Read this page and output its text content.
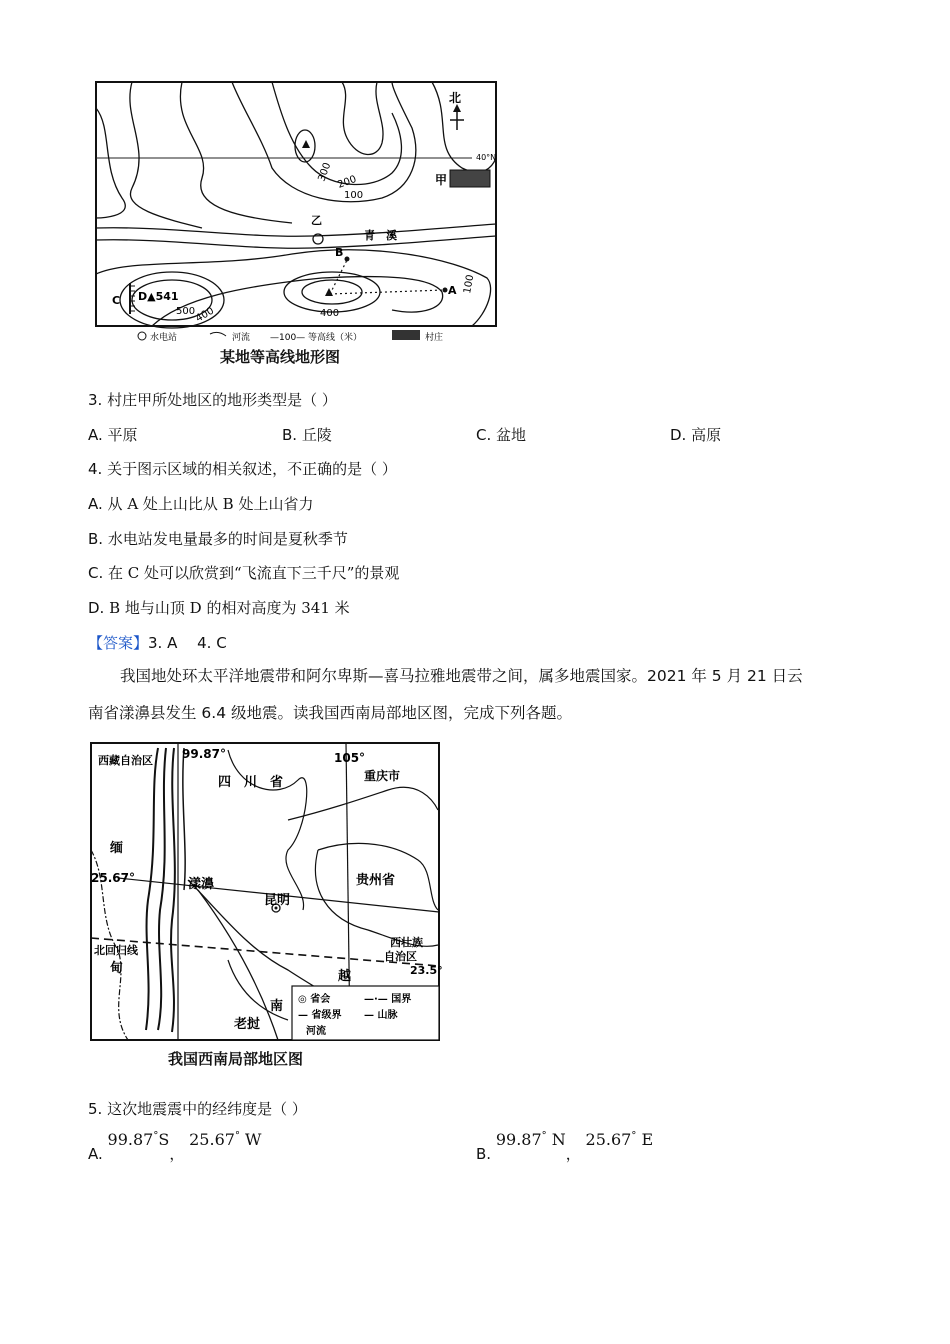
北
40°N
甲
乙
青　溪
B
A
C D▲541
100
200
300
100
400
500
400
水电站	河流 —100— 等高线（米）	村庄
某地等高线地形图
3. 村庄甲所处地区的地形类型是（ ）
A. 平原	B. 丘陵	C. 盆地	D. 高原
4. 关于图示区域的相关叙述，不正确的是（ ）
A. 从 A 处上山比从 B 处上山省力
B. 水电站发电量最多的时间是夏秋季节
C. 在 C 处可以欣赏到“飞流直下三千尺”的景观
D. B 地与山顶 D 的相对高度为 341 米
【答案】3. A　 4. C
我国地处环太平洋地震带和阿尔卑斯—喜马拉雅地震带之间，属多地震国家。2021 年 5 月 21 日云
南省漾濞县发生 6.4 级地震。读我国西南局部地区图，完成下列各题。
西藏自治区 99.87°
四　川　省
105°
重庆市
缅
25.67°	漾濞
昆明
贵州省
北回归线
甸
西壮族
自治区
23.5°
越
南
老挝
◎ 省会	—·— 国界
— 省级界 — 山脉
河流
我国西南局部地区图
5. 这次地震震中的经纬度是（ ）
A. 99.87°S， 25.67° W
B. 99.87° N， 25.67° E
